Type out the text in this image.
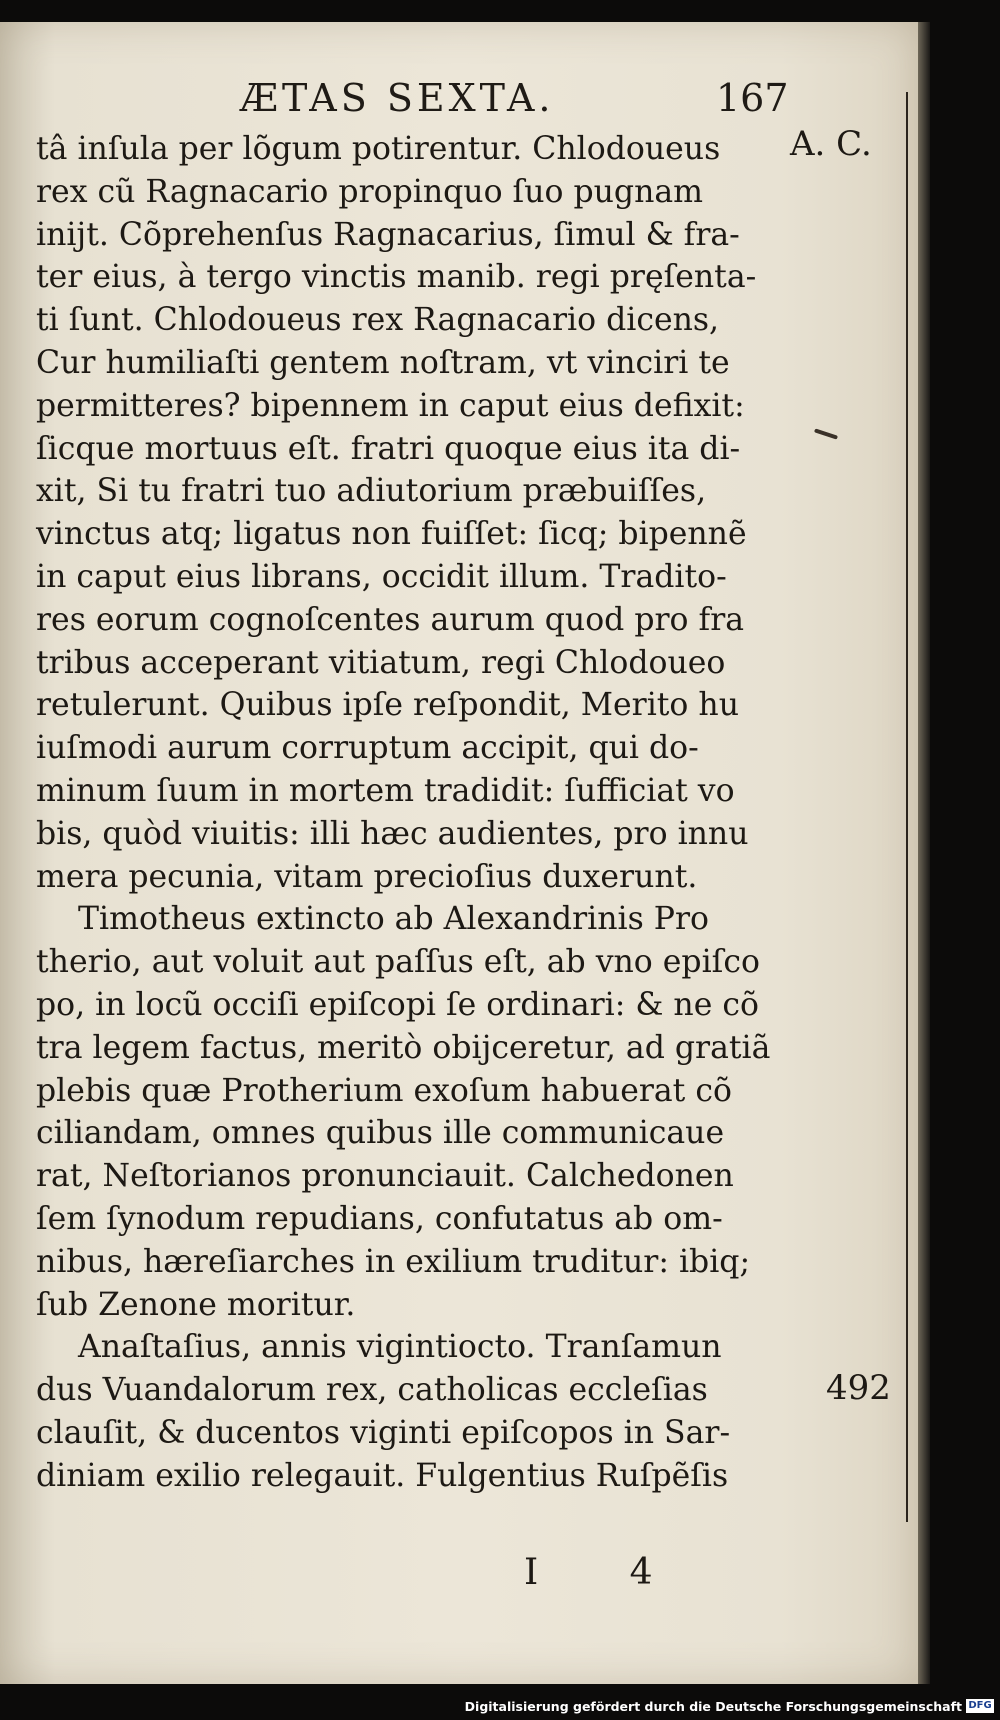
ÆTAS SEXTA.	167
A. C.
492
tâ inſula per lõgum potirentur. Chlodoueus
rex cũ Ragnacario propinquo ſuo pugnam
inijt. Cõprehenſus Ragnacarius, ſimul & fra-
ter eius, à tergo vinctis manib. regi pręſenta-
ti ſunt. Chlodoueus rex Ragnacario dicens,
Cur humiliaſti gentem noſtram, vt vinciri te
permitteres? bipennem in caput eius defixit:
ſicque mortuus eſt. fratri quoque eius ita di-
xit, Si tu fratri tuo adiutorium præbuiſſes,
vinctus atq; ligatus non fuiſſet: ſicq; bipennẽ
in caput eius librans, occidit illum. Tradito-
res eorum cognoſcentes aurum quod pro fra
tribus acceperant vitiatum, regi Chlodoueo
retulerunt. Quibus ipſe reſpondit, Merito hu
iuſmodi aurum corruptum accipit, qui do-
minum ſuum in mortem tradidit: ſufficiat vo
bis, quòd viuitis: illi hæc audientes, pro innu
mera pecunia, vitam precioſius duxerunt.
Timotheus extincto ab Alexandrinis Pro
therio, aut voluit aut paſſus eſt, ab vno epiſco
po, in locũ occiſi epiſcopi ſe ordinari: & ne cõ
tra legem factus, meritò obijceretur, ad gratiã
plebis quæ Protherium exoſum habuerat cõ
ciliandam, omnes quibus ille communicaue
rat, Neſtorianos pronunciauit. Calchedonen
ſem ſynodum repudians, confutatus ab om-
nibus, hæreſiarches in exilium truditur: ibiq;
ſub Zenone moritur.
Anaſtaſius, annis vigintiocto. Tranſamun
dus Vuandalorum rex, catholicas eccleſias
clauſit, & ducentos viginti epiſcopos in Sar-
diniam exilio relegauit. Fulgentius Ruſpẽſis
I 4
Digitalisierung gefördert durch die Deutsche Forschungsgemeinschaft DFG
